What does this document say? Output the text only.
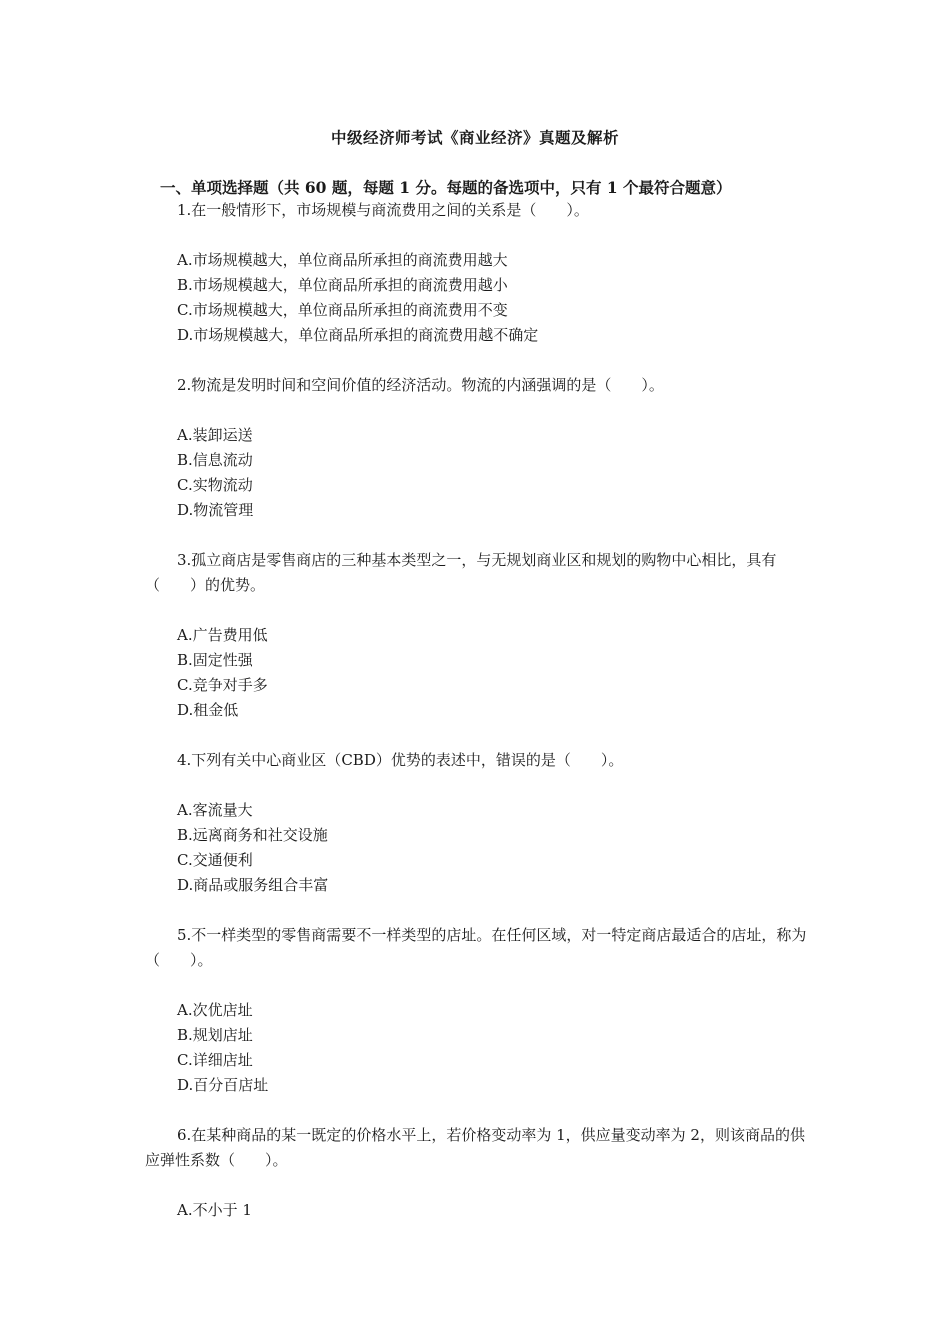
中级经济师考试《商业经济》真题及解析
一、单项选择题（共 60 题，每题 1 分。每题的备选项中，只有 1 个最符合题意）

1.在一般情形下，市场规模与商流费用之间的关系是（　　）。

A.市场规模越大，单位商品所承担的商流费用越大

B.市场规模越大，单位商品所承担的商流费用越小

C.市场规模越大，单位商品所承担的商流费用不变

D.市场规模越大，单位商品所承担的商流费用越不确定

2.物流是发明时间和空间价值的经济活动。物流的内涵强调的是（　　）。

A.装卸运送

B.信息流动

C.实物流动

D.物流管理

3.孤立商店是零售商店的三种基本类型之一，与无规划商业区和规划的购物中心相比，具有（　　）的优势。

A.广告费用低

B.固定性强

C.竞争对手多

D.租金低

4.下列有关中心商业区（CBD）优势的表述中，错误的是（　　）。

A.客流量大

B.远离商务和社交设施

C.交通便利

D.商品或服务组合丰富

5.不一样类型的零售商需要不一样类型的店址。在任何区域，对一特定商店最适合的店址，称为（　　）。

A.次优店址

B.规划店址

C.详细店址

D.百分百店址

6.在某种商品的某一既定的价格水平上，若价格变动率为 1，供应量变动率为 2，则该商品的供应弹性系数（　　）。

A.不小于 1
